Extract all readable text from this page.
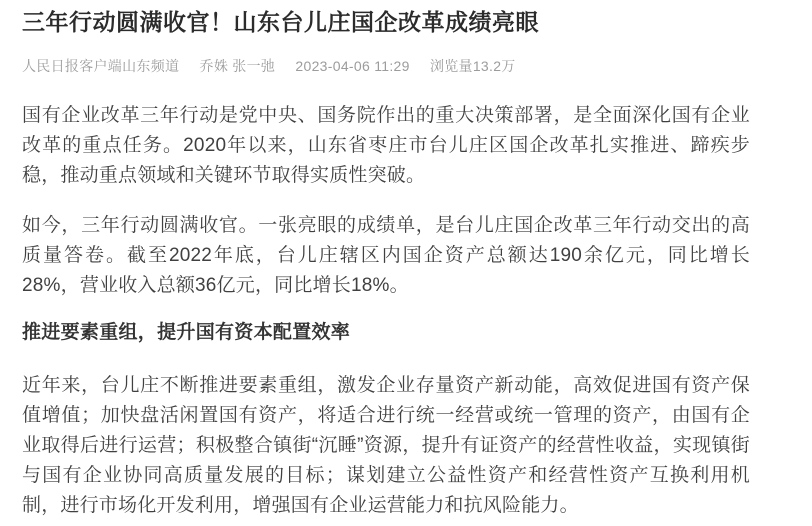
三年行动圆满收官！山东台儿庄国企改革成绩亮眼
人民日报客户端山东频道 乔姝 张一弛 2023-04-06 11:29 浏览量13.2万

国有企业改革三年行动是党中央、国务院作出的重大决策部署，是全面深化国有企业改革的重点任务。2020年以来，山东省枣庄市台儿庄区国企改革扎实推进、蹄疾步稳，推动重点领域和关键环节取得实质性突破。

如今，三年行动圆满收官。一张亮眼的成绩单，是台儿庄国企改革三年行动交出的高质量答卷。截至2022年底，台儿庄辖区内国企资产总额达190余亿元，同比增长28%，营业收入总额36亿元，同比增长18%。

推进要素重组，提升国有资本配置效率

近年来，台儿庄不断推进要素重组，激发企业存量资产新动能，高效促进国有资产保值增值；加快盘活闲置国有资产，将适合进行统一经营或统一管理的资产，由国有企业取得后进行运营；积极整合镇街“沉睡”资源，提升有证资产的经营性收益，实现镇街与国有企业协同高质量发展的目标；谋划建立公益性资产和经营性资产互换利用机制，进行市场化开发利用，增强国有企业运营能力和抗风险能力。
